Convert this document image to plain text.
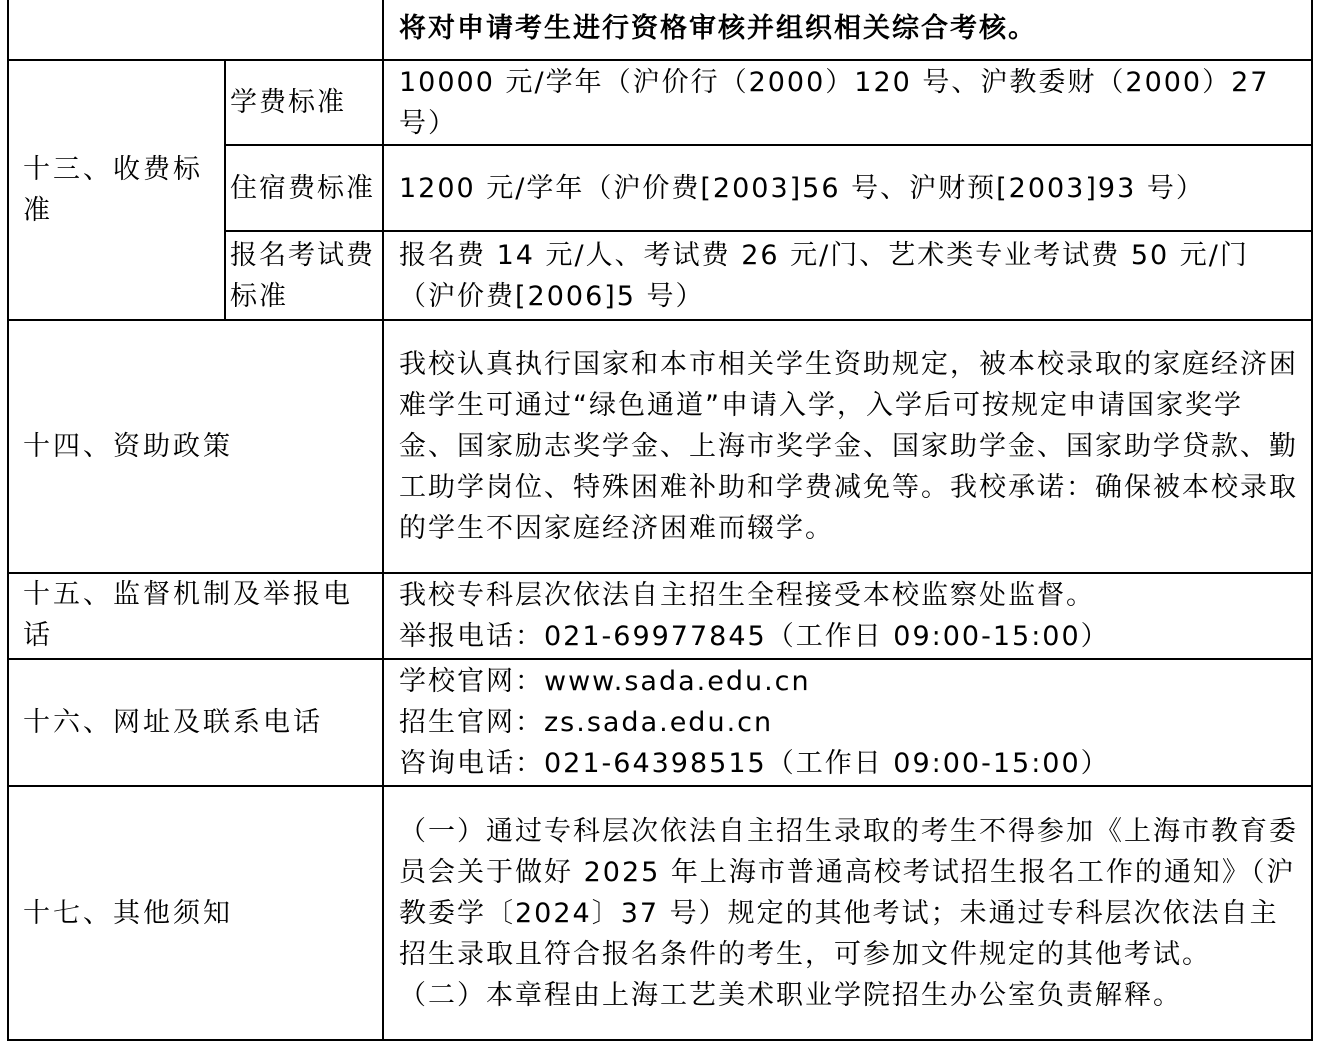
		将对申请考生进行资格审核并组织相关综合考核。
十三、收费标准	学费标准	10000 元/学年（沪价行（2000）120 号、沪教委财（2000）27 号）
	住宿费标准	1200 元/学年（沪价费[2003]56 号、沪财预[2003]93 号）
	报名考试费标准	报名费 14 元/人、考试费 26 元/门、艺术类专业考试费 50 元/门（沪价费[2006]5 号）
十四、资助政策		我校认真执行国家和本市相关学生资助规定，被本校录取的家庭经济困难学生可通过“绿色通道”申请入学，入学后可按规定申请国家奖学金、国家励志奖学金、上海市奖学金、国家助学金、国家助学贷款、勤工助学岗位、特殊困难补助和学费减免等。我校承诺：确保被本校录取的学生不因家庭经济困难而辍学。
十五、监督机制及举报电话		我校专科层次依法自主招生全程接受本校监察处监督。
举报电话：021-69977845（工作日 09:00-15:00）

十六、网址及联系电话		学校官网：www.sada.edu.cn
招生官网：zs.sada.edu.cn
咨询电话：021-64398515（工作日 09:00-15:00）

十七、其他须知		（一）通过专科层次依法自主招生录取的考生不得参加《上海市教育委员会关于做好 2025 年上海市普通高校考试招生报名工作的通知》（沪教委学〔2024〕37 号）规定的其他考试；未通过专科层次依法自主招生录取且符合报名条件的考生，可参加文件规定的其他考试。
（二）本章程由上海工艺美术职业学院招生办公室负责解释。
